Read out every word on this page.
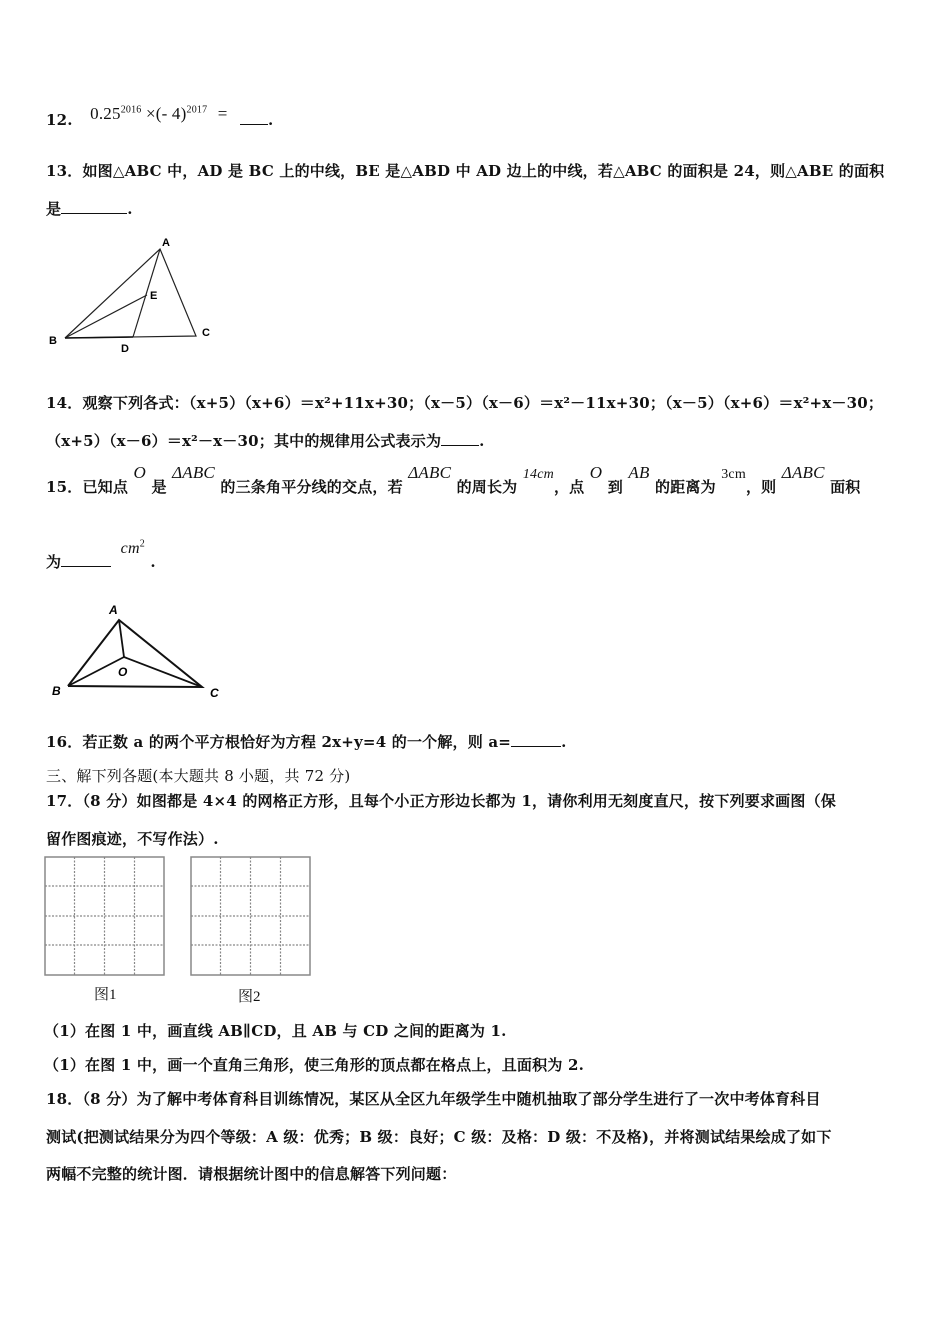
12. $0.25^{2016}$ ×(- 4)$^{2017}$ =	.
13．如图△ABC 中，AD 是 BC 上的中线，BE 是△ABD 中 AD 边上的中线，若△ABC 的面积是 24，则△ABE 的面积
是	.
A
E
B
D
C
14．观察下列各式：（x+5）（x+6）＝x²+11x+30；（x－5）（x－6）＝x²－11x+30；（x－5）（x+6）＝x²+x－30；
（x+5）（x－6）＝x²－x－30；其中的规律用公式表示为	.
15．已知点 O 是 ΔABC 的三条角平分线的交点，若 ΔABC 的周长为 14cm，点 O 到 AB 的距离为 3cm，则 ΔABC 面积
为 $cm^2$ .
A
O
B	C
16．若正数 a 的两个平方根恰好为方程 2x+y=4 的一个解，则 a=	.
三、解下列各题(本大题共 8 小题，共 72 分)
17．（8 分）如图都是 4×4 的网格正方形，且每个小正方形边长都为 1，请你利用无刻度直尺，按下列要求画图（保
留作图痕迹，不写作法）.
图1	图2
（1）在图 1 中，画直线 AB∥CD，且 AB 与 CD 之间的距离为 1.
（1）在图 1 中，画一个直角三角形，使三角形的顶点都在格点上，且面积为 2.
18．（8 分）为了解中考体育科目训练情况，某区从全区九年级学生中随机抽取了部分学生进行了一次中考体育科目
测试(把测试结果分为四个等级：A 级：优秀；B 级：良好；C 级：及格：D 级：不及格)，并将测试结果绘成了如下
两幅不完整的统计图．请根据统计图中的信息解答下列问题：
